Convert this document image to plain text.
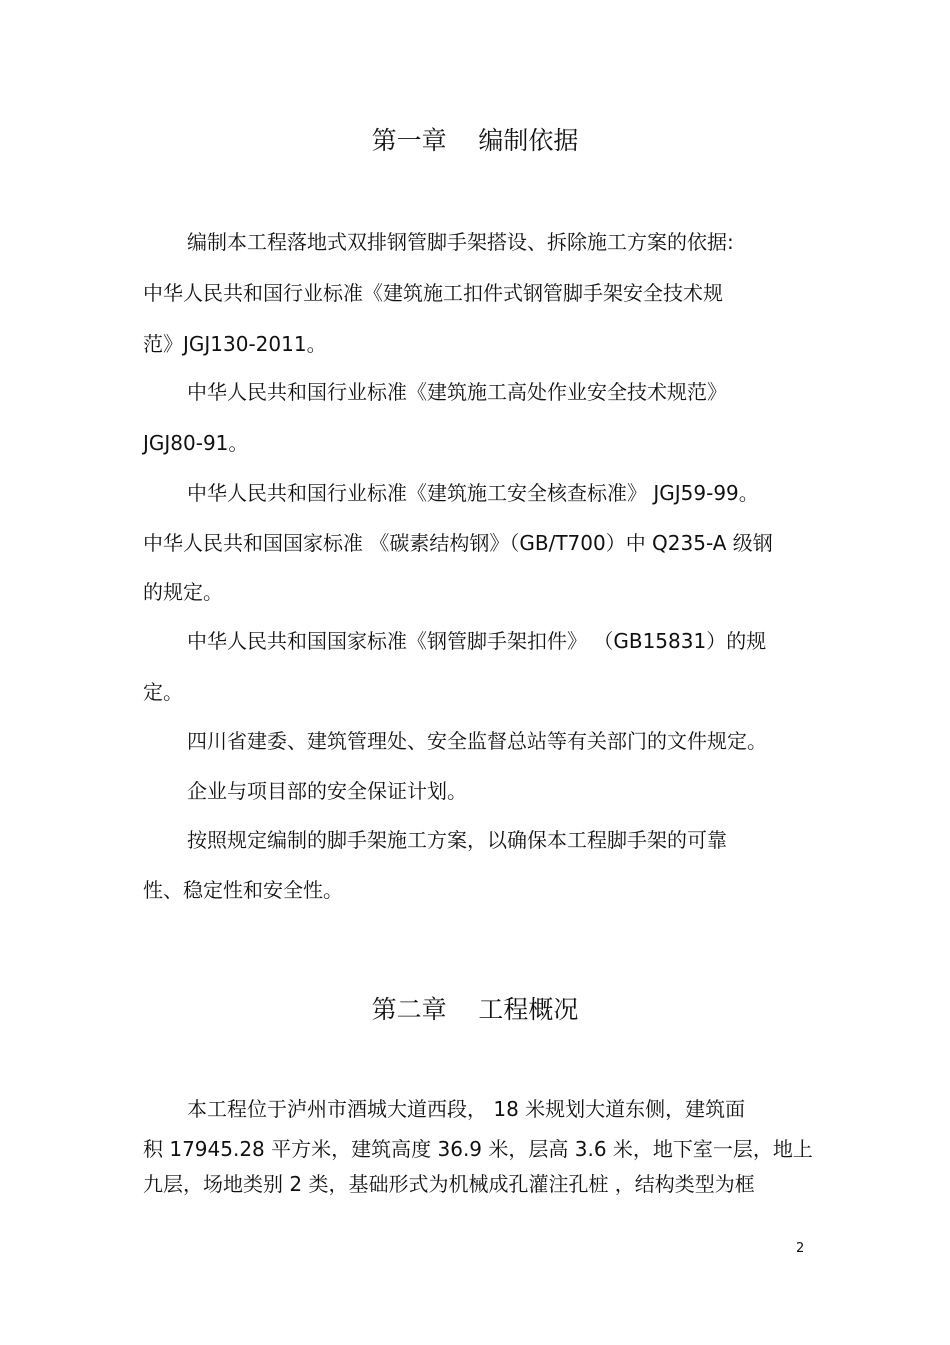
第一章    编制依据
编制本工程落地式双排钢管脚手架搭设、拆除施工方案的依据:
中华人民共和国行业标准《建筑施工扣件式钢管脚手架安全技术规
范》JGJ130-2011。
中华人民共和国行业标准《建筑施工高处作业安全技术规范》
JGJ80-91。
中华人民共和国行业标准《建筑施工安全核查标准》 JGJ59-99。
中华人民共和国国家标准 《碳素结构钢》（GB/T700）中 Q235-A 级钢
的规定。
中华人民共和国国家标准《钢管脚手架扣件》 （GB15831）的规
定。
四川省建委、建筑管理处、安全监督总站等有关部门的文件规定。
企业与项目部的安全保证计划。
按照规定编制的脚手架施工方案，以确保本工程脚手架的可靠
性、稳定性和安全性。
第二章    工程概况
本工程位于泸州市酒城大道西段， 18 米规划大道东侧，建筑面
积 17945.28 平方米，建筑高度 36.9 米，层高 3.6 米，地下室一层，地上
九层，场地类别 2 类，基础形式为机械成孔灌注孔桩 ，结构类型为框
2
